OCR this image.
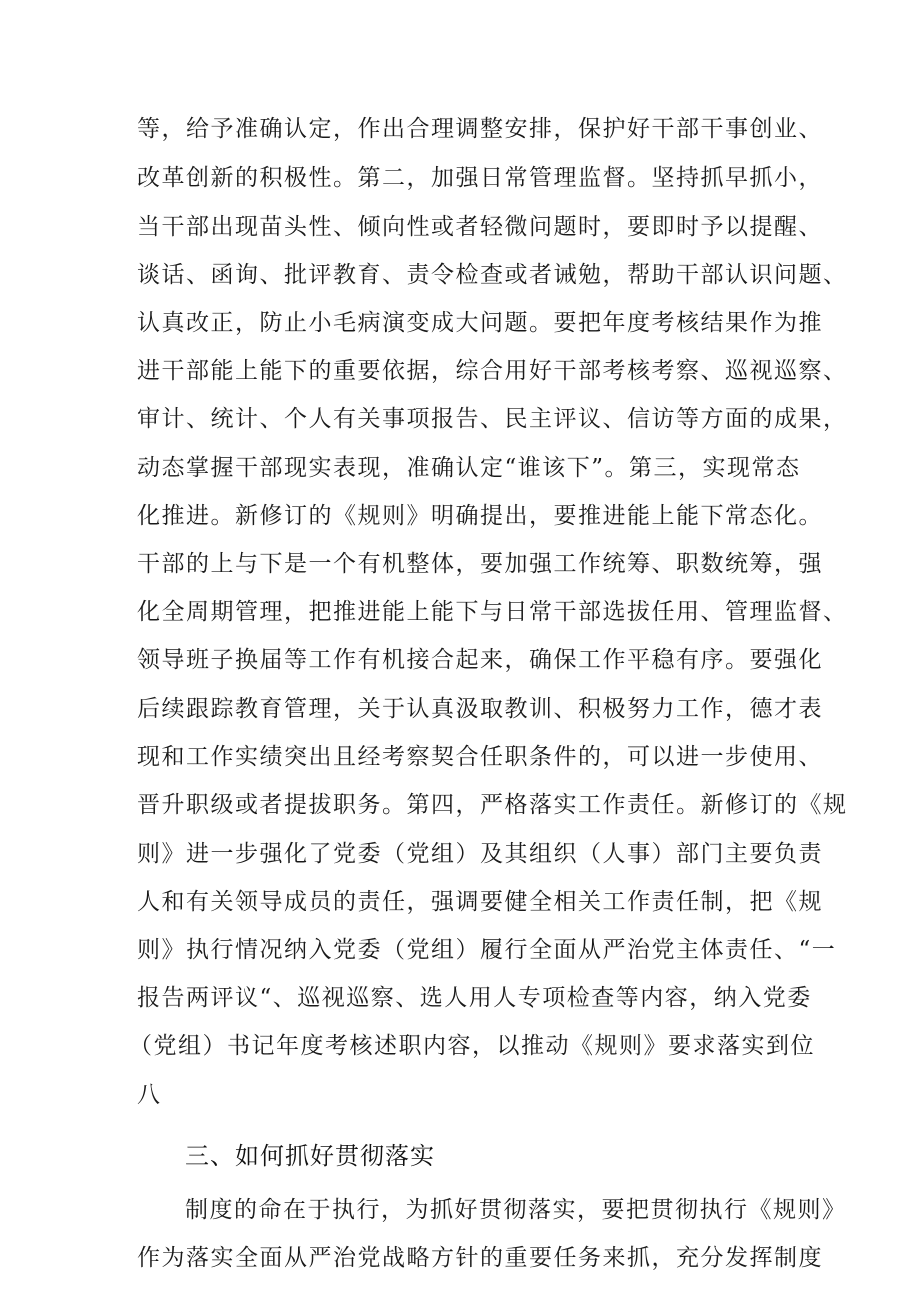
等，给予准确认定，作出合理调整安排，保护好干部干事创业、
改革创新的积极性。第二，加强日常管理监督。坚持抓早抓小，
当干部出现苗头性、倾向性或者轻微问题时，要即时予以提醒、
谈话、函询、批评教育、责令检查或者诫勉，帮助干部认识问题、
认真改正，防止小毛病演变成大问题。要把年度考核结果作为推
进干部能上能下的重要依据，综合用好干部考核考察、巡视巡察、
审计、统计、个人有关事项报告、民主评议、信访等方面的成果，
动态掌握干部现实表现，准确认定“谁该下”。第三，实现常态
化推进。新修订的《规则》明确提出，要推进能上能下常态化。
干部的上与下是一个有机整体，要加强工作统筹、职数统筹，强
化全周期管理，把推进能上能下与日常干部选拔任用、管理监督、
领导班子换届等工作有机接合起来，确保工作平稳有序。要强化
后续跟踪教育管理，关于认真汲取教训、积极努力工作，德才表
现和工作实绩突出且经考察契合任职条件的，可以进一步使用、
晋升职级或者提拔职务。第四，严格落实工作责任。新修订的《规
则》进一步强化了党委（党组）及其组织（人事）部门主要负责
人和有关领导成员的责任，强调要健全相关工作责任制，把《规
则》执行情况纳入党委（党组）履行全面从严治党主体责任、“一
报告两评议“、巡视巡察、选人用人专项检查等内容，纳入党委
（党组）书记年度考核述职内容，以推动《规则》要求落实到位
八
三、如何抓好贯彻落实
制度的命在于执行，为抓好贯彻落实，要把贯彻执行《规则》
作为落实全面从严治党战略方针的重要任务来抓，充分发挥制度
